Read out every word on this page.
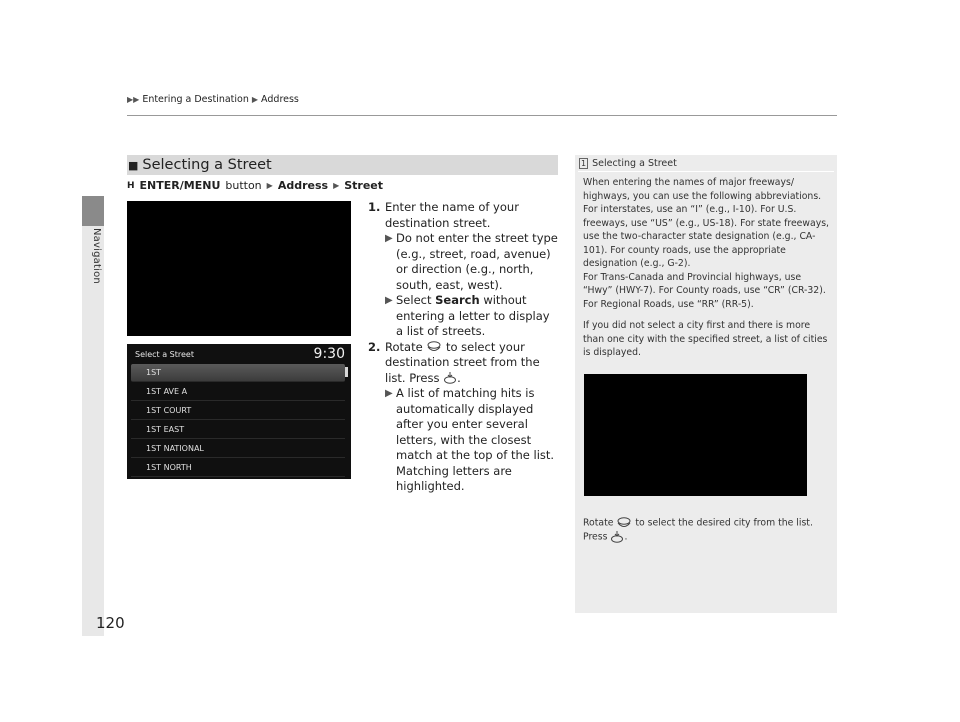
Navigation
120
▶▶ Entering a Destination ▶ Address
■ Selecting a Street
H ENTER/MENU button ▶ Address ▶ Street
Select a Street	9:30
1ST
1ST AVE A
1ST COURT
1ST EAST
1ST NATIONAL
1ST NORTH
1. Enter the name of your destination street.
▶ Do not enter the street type (e.g., street, road, avenue) or direction (e.g., north, south, east, west).
▶ Select Search without entering a letter to display a list of streets.
2. Rotate to select your destination street from the list. Press .
▶ A list of matching hits is automatically displayed after you enter several letters, with the closest match at the top of the list. Matching letters are highlighted.
1 Selecting a Street

When entering the names of major freeways/ highways, you can use the following abbreviations. For interstates, use an “I” (e.g., I-10). For U.S. freeways, use “US” (e.g., US-18). For state freeways, use the two-character state designation (e.g., CA-101). For county roads, use the appropriate designation (e.g., G-2).

For Trans-Canada and Provincial highways, use “Hwy” (HWY-7). For County roads, use “CR” (CR-32). For Regional Roads, use “RR” (RR-5).

If you did not select a city first and there is more than one city with the specified street, a list of cities is displayed.

Rotate to select the desired city from the list.
Press .
